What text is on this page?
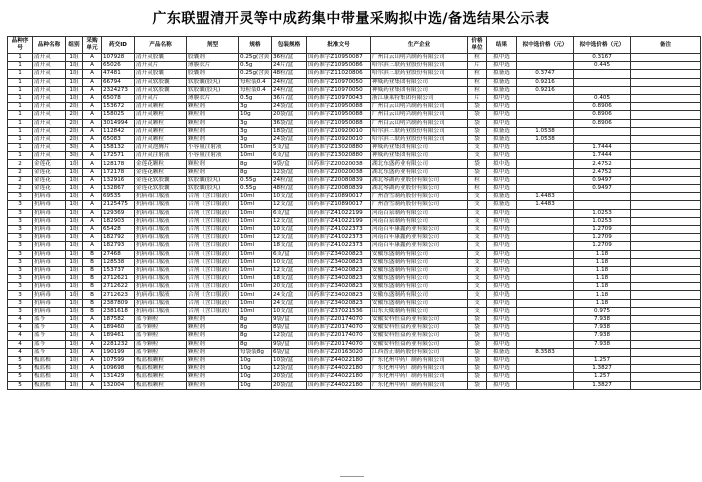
广东联盟清开灵等中成药集中带量采购拟中选/备选结果公示表
品种序号	品种名称	组别	采购单元	药交ID	产品名称	剂型	规格	包装规格	批准文号	生产企业	价格单位	结果	拟中选价格（元）	拟中选价格（元）	备注
1	清开灵	1组	A	107928	清开灵胶囊	胶囊剂	0.25g(含黄	36粒/盒	国药准字Z10950087	广州白云山明兴制药有限公司	粒	拟中选		0.3167	
1	清开灵	1组	A	65026	清开灵片	薄膜衣片	0.5g	24片/盒	国药准字Z10950086	哈尔滨三联药业股份有限公司	片	拟中选		0.445	
1	清开灵	1组	A	47481	清开灵胶囊	胶囊剂	0.25g(含黄	48粒/盒	国药准字Z11020806	哈尔滨三联药业股份有限公司	粒	拟备选	0.3747		
1	清开灵	1组	A	66794	清开灵软胶囊	软胶囊(胶丸)	每粒装0.4	24粒/盒	国药准字Z10970050	神威药业集团有限公司	粒	拟备选	0.9216		
1	清开灵	1组	A	2324273	清开灵软胶囊	软胶囊(胶丸)	每粒装0.4	24粒/盒	国药准字Z10970050	神威药业集团有限公司	粒	拟备选	0.9216		
1	清开灵	1组	A	65078	清开灵片	薄膜衣片	0.5g	36片/盒	国药准字Z10970043	浙江康莱特集团有限公司	片	拟中选		0.405	
1	清开灵	2组	A	153672	清开灵颗粒	颗粒剂	3g	24袋/盒	国药准字Z10950088	广州白云山明兴制药有限公司	袋	拟中选		0.8906	
1	清开灵	2组	A	158025	清开灵颗粒	颗粒剂	10g	20袋/盒	国药准字Z10950088	广州白云山明兴制药有限公司	袋	拟中选		0.8906	
1	清开灵	2组	A	3014994	清开灵颗粒	颗粒剂	3g	36袋/盒	国药准字Z10950088	广州白云山明兴制药有限公司	袋	拟中选		0.8906	
1	清开灵	2组	A	112842	清开灵颗粒	颗粒剂	3g	18袋/盒	国药准字Z10920010	哈尔滨三联药业股份有限公司	袋	拟备选	1.0538		
1	清开灵	2组	A	65083	清开灵颗粒	颗粒剂	3g	24袋/盒	国药准字Z10920010	哈尔滨三联药业股份有限公司	袋	拟备选	1.0538		
1	清开灵	3组	A	158132	清开灵泡腾片	小容量注射液	10ml	5支/盒	国药准字Z13020880	神威药业集团有限公司	支	拟中选		1.7444	
1	清开灵	3组	A	172571	清开灵注射液	小容量注射液	10ml	6支/盒	国药准字Z13020880	神威药业集团有限公司	支	拟中选		1.7444	
2	金莲花	1组	A	128178	金莲花颗粒	颗粒剂	8g	9袋/盒	国药准字Z20020038	湖北东盛药业有限公司	袋	拟中选		2.4752	
2	金莲花	1组	A	172178	金莲花颗粒	颗粒剂	8g	12袋/盒	国药准字Z20020038	湖北东盛药业有限公司	袋	拟中选		2.4752	
2	金莲花	1组	A	132916	金莲花软胶囊	软胶囊(胶丸)	0.55g	24粒/盒	国药准字Z20080839	湖北琴湖药业股份有限公司	粒	拟中选		0.9497	
2	金莲花	1组	A	132867	金莲花软胶囊	软胶囊(胶丸)	0.55g	48粒/盒	国药准字Z20080839	湖北琴湖药业股份有限公司	粒	拟中选		0.9497	
3	抗病毒	1组	A	69535	抗病毒口服液	合剂（含口服液）	10ml	10支/盒	国药准字Z10890017	广州香雪制药股份有限公司	支	拟备选	1.4483		
3	抗病毒	1组	A	2125475	抗病毒口服液	合剂（含口服液）	10ml	12支/盒	国药准字Z10890017	广州香雪制药股份有限公司	支	拟备选	1.4483		
3	抗病毒	1组	A	129369	抗病毒口服液	合剂（含口服液）	10ml	6支/盒	国药准字Z41022199	河南百泉制药有限公司	支	拟中选		1.0253	
3	抗病毒	1组	A	182903	抗病毒口服液	合剂（含口服液）	10ml	12支/盒	国药准字Z41022199	河南百泉制药有限公司	支	拟中选		1.0253	
3	抗病毒	1组	A	65428	抗病毒口服液	合剂（含口服液）	10ml	10支/盒	国药准字Z41022373	河南百年康鑫药业有限公司	支	拟中选		1.2709	
3	抗病毒	1组	A	182792	抗病毒口服液	合剂（含口服液）	10ml	12支/盒	国药准字Z41022373	河南百年康鑫药业有限公司	支	拟中选		1.2709	
3	抗病毒	1组	A	182793	抗病毒口服液	合剂（含口服液）	10ml	18支/盒	国药准字Z41022373	河南百年康鑫药业有限公司	支	拟中选		1.2709	
3	抗病毒	1组	B	27468	抗病毒口服液	合剂（含口服液）	10ml	6支/盒	国药准字Z34020823	安徽东盛制药有限公司	支	拟中选		1.18	
3	抗病毒	1组	B	128538	抗病毒口服液	合剂（含口服液）	10ml	10支/盒	国药准字Z34020823	安徽东盛制药有限公司	支	拟中选		1.18	
3	抗病毒	1组	B	153737	抗病毒口服液	合剂（含口服液）	10ml	12支/盒	国药准字Z34020823	安徽东盛制药有限公司	支	拟中选		1.18	
3	抗病毒	1组	B	2712621	抗病毒口服液	合剂（含口服液）	10ml	18支/盒	国药准字Z34020823	安徽东盛制药有限公司	支	拟中选		1.18	
3	抗病毒	1组	B	2712622	抗病毒口服液	合剂（含口服液）	10ml	20支/盒	国药准字Z34020823	安徽东盛制药有限公司	支	拟中选		1.18	
3	抗病毒	1组	B	2712623	抗病毒口服液	合剂（含口服液）	10ml	24支/盒	国药准字Z34020823	安徽东盛制药有限公司	支	拟中选		1.18	
3	抗病毒	1组	B	2387809	抗病毒口服液	合剂（含口服液）	10ml	24支/盒	国药准字Z34020823	安徽东盛制药有限公司	支	拟中选		1.18	
3	抗病毒	1组	B	2381618	抗病毒口服液	合剂（含口服液）	10ml	10支/盒	国药准字Z37021536	山东天威制药有限公司	支	拟中选		0.975	
4	蓝芩	1组	A	187582	蓝芩颗粒	颗粒剂	8g	9袋/盒	国药准字Z20174070	安徽安科恒益药业有限公司	袋	拟中选		7.938	
4	蓝芩	1组	A	189460	蓝芩颗粒	颗粒剂	8g	8袋/盒	国药准字Z20174070	安徽安科恒益药业有限公司	袋	拟中选		7.938	
4	蓝芩	1组	A	189461	蓝芩颗粒	颗粒剂	8g	12袋/盒	国药准字Z20174070	安徽安科恒益药业有限公司	袋	拟中选		7.938	
4	蓝芩	1组	A	2281232	蓝芩颗粒	颗粒剂	8g	9袋/盒	国药准字Z20174070	安徽安科恒益药业有限公司	袋	拟中选		7.938	
4	蓝芩	1组	A	190199	蓝芩颗粒	颗粒剂	每袋装8g	6袋/盒	国药准字Z20163020	江西普正制药股份有限公司	袋	拟备选	8.3583		
5	板蓝根	1组	A	107599	板蓝根颗粒	颗粒剂	10g	10袋/盒	国药准字Z44022180	广东化州中药厂制药有限公司	袋	拟中选		1.257	
5	板蓝根	1组	A	109698	板蓝根颗粒	颗粒剂	10g	12袋/盒	国药准字Z44022180	广东化州中药厂制药有限公司	袋	拟中选		1.3827	
5	板蓝根	1组	A	131429	板蓝根颗粒	颗粒剂	10g	20袋/盒	国药准字Z44022180	广东化州中药厂制药有限公司	袋	拟中选		1.257	
5	板蓝根	1组	A	132004	板蓝根颗粒	颗粒剂	10g	20袋/盒	国药准字Z44022180	广东化州中药厂制药有限公司	袋	拟中选		1.3827	
